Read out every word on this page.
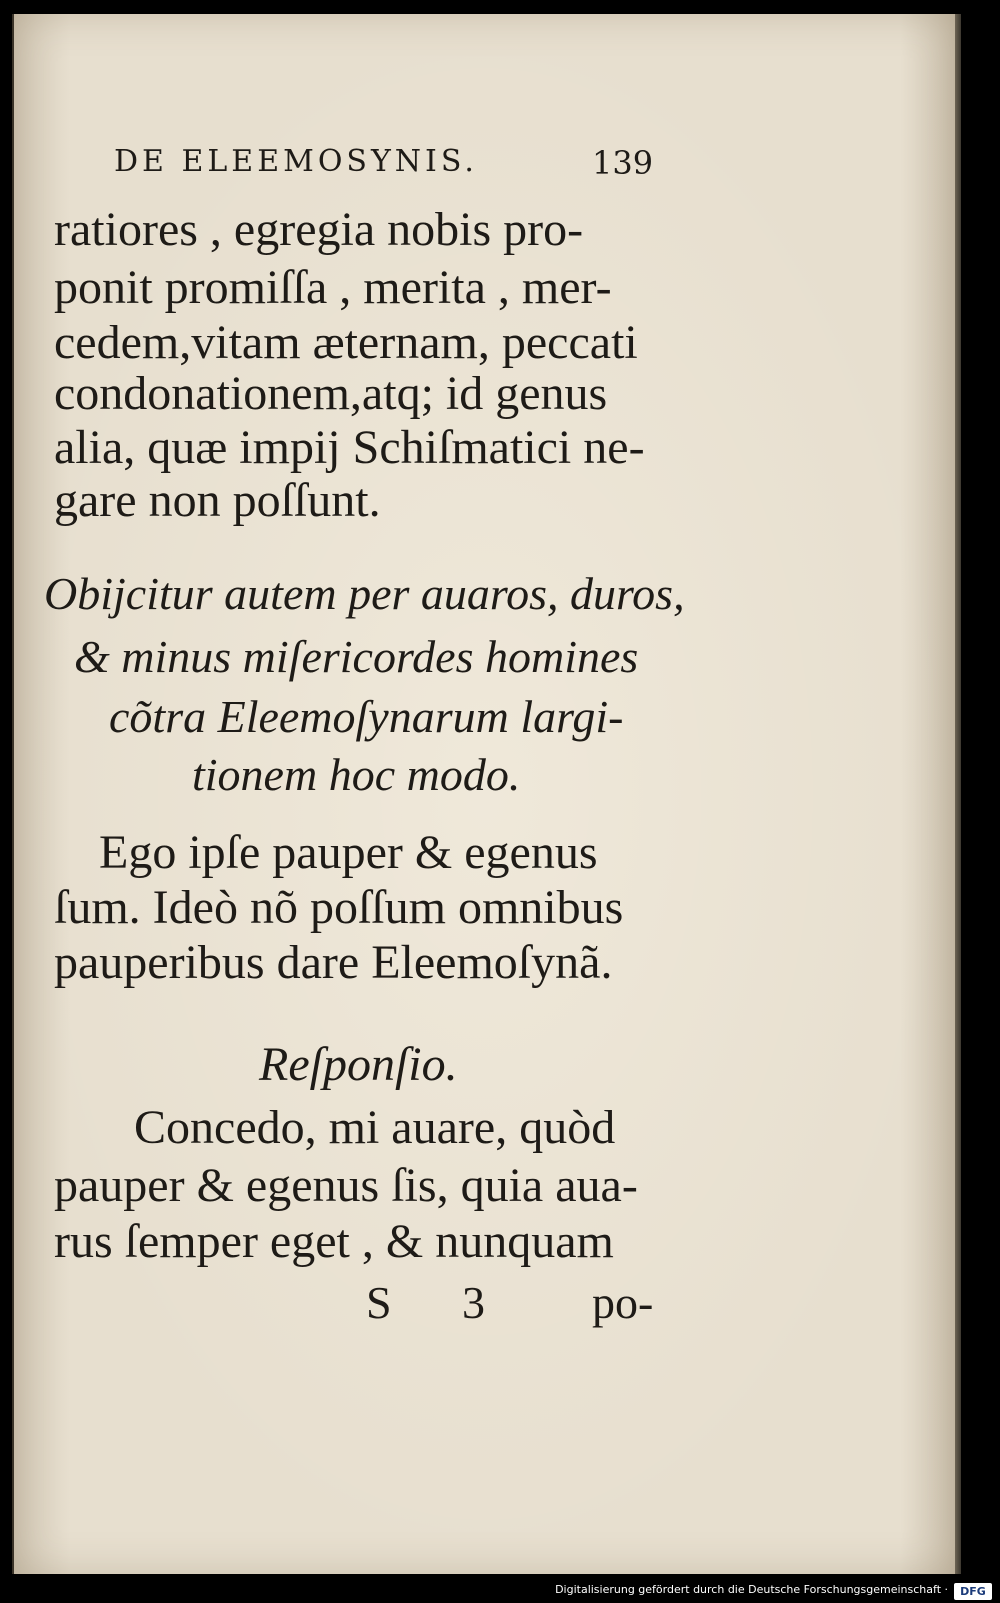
DE ELEEMOSYNIS.	139
ratiores , egregia nobis pro-
ponit promiſſa , merita , mer-
cedem,vitam æternam, peccati
condonationem,atq; id genus
alia, quæ impij Schiſmatici ne-
gare non poſſunt.
Obijcitur autem per auaros, duros,
& minus miſericordes homines
cõtra Eleemoſynarum largi-
tionem hoc modo.
Ego ipſe pauper & egenus
ſum. Ideò nõ poſſum omnibus
pauperibus dare Eleemoſynã.
Reſponſio.
Concedo, mi auare, quòd
pauper & egenus ſis, quia aua-
rus ſemper eget , & nunquam
S 3 po-
Digitalisierung gefördert durch die Deutsche Forschungsgemeinschaft ·	DFG
